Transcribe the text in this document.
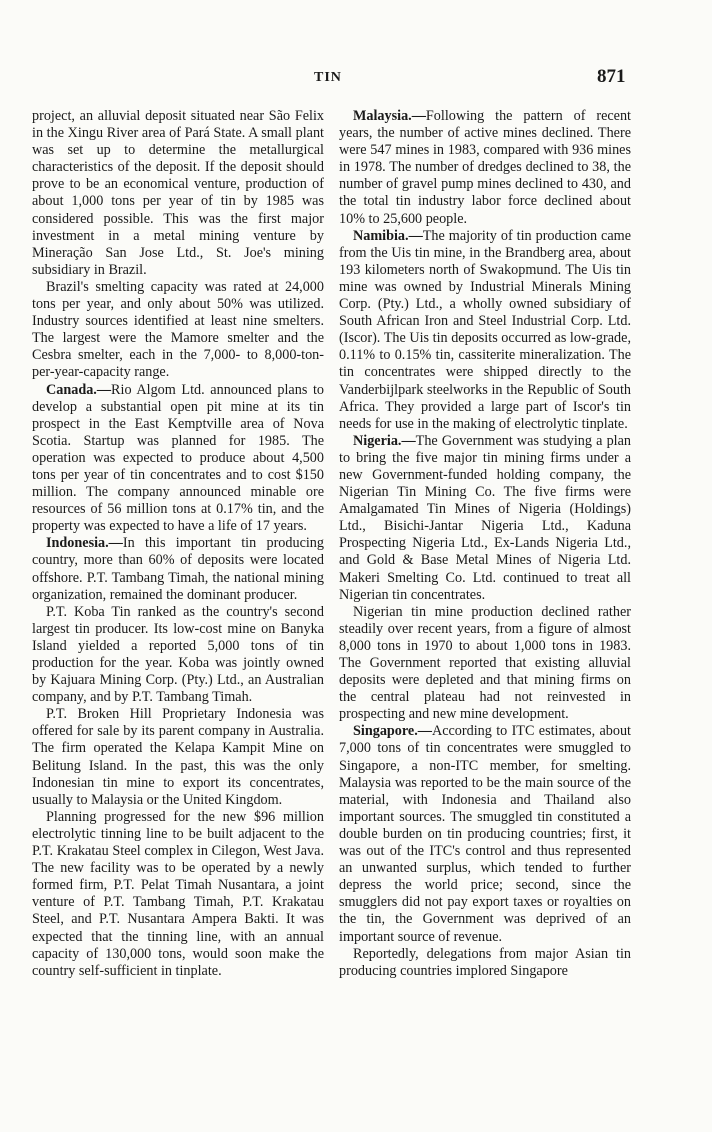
TIN	871

project, an alluvial deposit situated near São Felix in the Xingu River area of Pará State. A small plant was set up to determine the metallurgical characteristics of the deposit. If the deposit should prove to be an economical venture, production of about 1,000 tons per year of tin by 1985 was considered possible. This was the first major investment in a metal mining venture by Mineração San Jose Ltd., St. Joe's mining subsidiary in Brazil.

Brazil's smelting capacity was rated at 24,000 tons per year, and only about 50% was utilized. Industry sources identified at least nine smelters. The largest were the Mamore smelter and the Cesbra smelter, each in the 7,000- to 8,000-ton-per-year-capacity range.

Canada.—Rio Algom Ltd. announced plans to develop a substantial open pit mine at its tin prospect in the East Kemptville area of Nova Scotia. Startup was planned for 1985. The operation was expected to produce about 4,500 tons per year of tin concentrates and to cost $150 million. The company announced minable ore resources of 56 million tons at 0.17% tin, and the property was expected to have a life of 17 years.

Indonesia.—In this important tin producing country, more than 60% of deposits were located offshore. P.T. Tambang Timah, the national mining organization, remained the dominant producer.

P.T. Koba Tin ranked as the country's second largest tin producer. Its low-cost mine on Banyka Island yielded a reported 5,000 tons of tin production for the year. Koba was jointly owned by Kajuara Mining Corp. (Pty.) Ltd., an Australian company, and by P.T. Tambang Timah.

P.T. Broken Hill Proprietary Indonesia was offered for sale by its parent company in Australia. The firm operated the Kelapa Kampit Mine on Belitung Island. In the past, this was the only Indonesian tin mine to export its concentrates, usually to Malaysia or the United Kingdom.

Planning progressed for the new $96 million electrolytic tinning line to be built adjacent to the P.T. Krakatau Steel complex in Cilegon, West Java. The new facility was to be operated by a newly formed firm, P.T. Pelat Timah Nusantara, a joint venture of P.T. Tambang Timah, P.T. Krakatau Steel, and P.T. Nusantara Ampera Bakti. It was expected that the tinning line, with an annual capacity of 130,000 tons, would soon make the country self-sufficient in tinplate.

Malaysia.—Following the pattern of recent years, the number of active mines declined. There were 547 mines in 1983, compared with 936 mines in 1978. The number of dredges declined to 38, the number of gravel pump mines declined to 430, and the total tin industry labor force declined about 10% to 25,600 people.

Namibia.—The majority of tin production came from the Uis tin mine, in the Brandberg area, about 193 kilometers north of Swakopmund. The Uis tin mine was owned by Industrial Minerals Mining Corp. (Pty.) Ltd., a wholly owned subsidiary of South African Iron and Steel Industrial Corp. Ltd. (Iscor). The Uis tin deposits occurred as low-grade, 0.11% to 0.15% tin, cassiterite mineralization. The tin concentrates were shipped directly to the Vanderbijlpark steelworks in the Republic of South Africa. They provided a large part of Iscor's tin needs for use in the making of electrolytic tinplate.

Nigeria.—The Government was studying a plan to bring the five major tin mining firms under a new Government-funded holding company, the Nigerian Tin Mining Co. The five firms were Amalgamated Tin Mines of Nigeria (Holdings) Ltd., Bisichi-Jantar Nigeria Ltd., Kaduna Prospecting Nigeria Ltd., Ex-Lands Nigeria Ltd., and Gold & Base Metal Mines of Nigeria Ltd. Makeri Smelting Co. Ltd. continued to treat all Nigerian tin concentrates.

Nigerian tin mine production declined rather steadily over recent years, from a figure of almost 8,000 tons in 1970 to about 1,000 tons in 1983. The Government reported that existing alluvial deposits were depleted and that mining firms on the central plateau had not reinvested in prospecting and new mine development.

Singapore.—According to ITC estimates, about 7,000 tons of tin concentrates were smuggled to Singapore, a non-ITC member, for smelting. Malaysia was reported to be the main source of the material, with Indonesia and Thailand also important sources. The smuggled tin constituted a double burden on tin producing countries; first, it was out of the ITC's control and thus represented an unwanted surplus, which tended to further depress the world price; second, since the smugglers did not pay export taxes or royalties on the tin, the Government was deprived of an important source of revenue.

Reportedly, delegations from major Asian tin producing countries implored Singapore
